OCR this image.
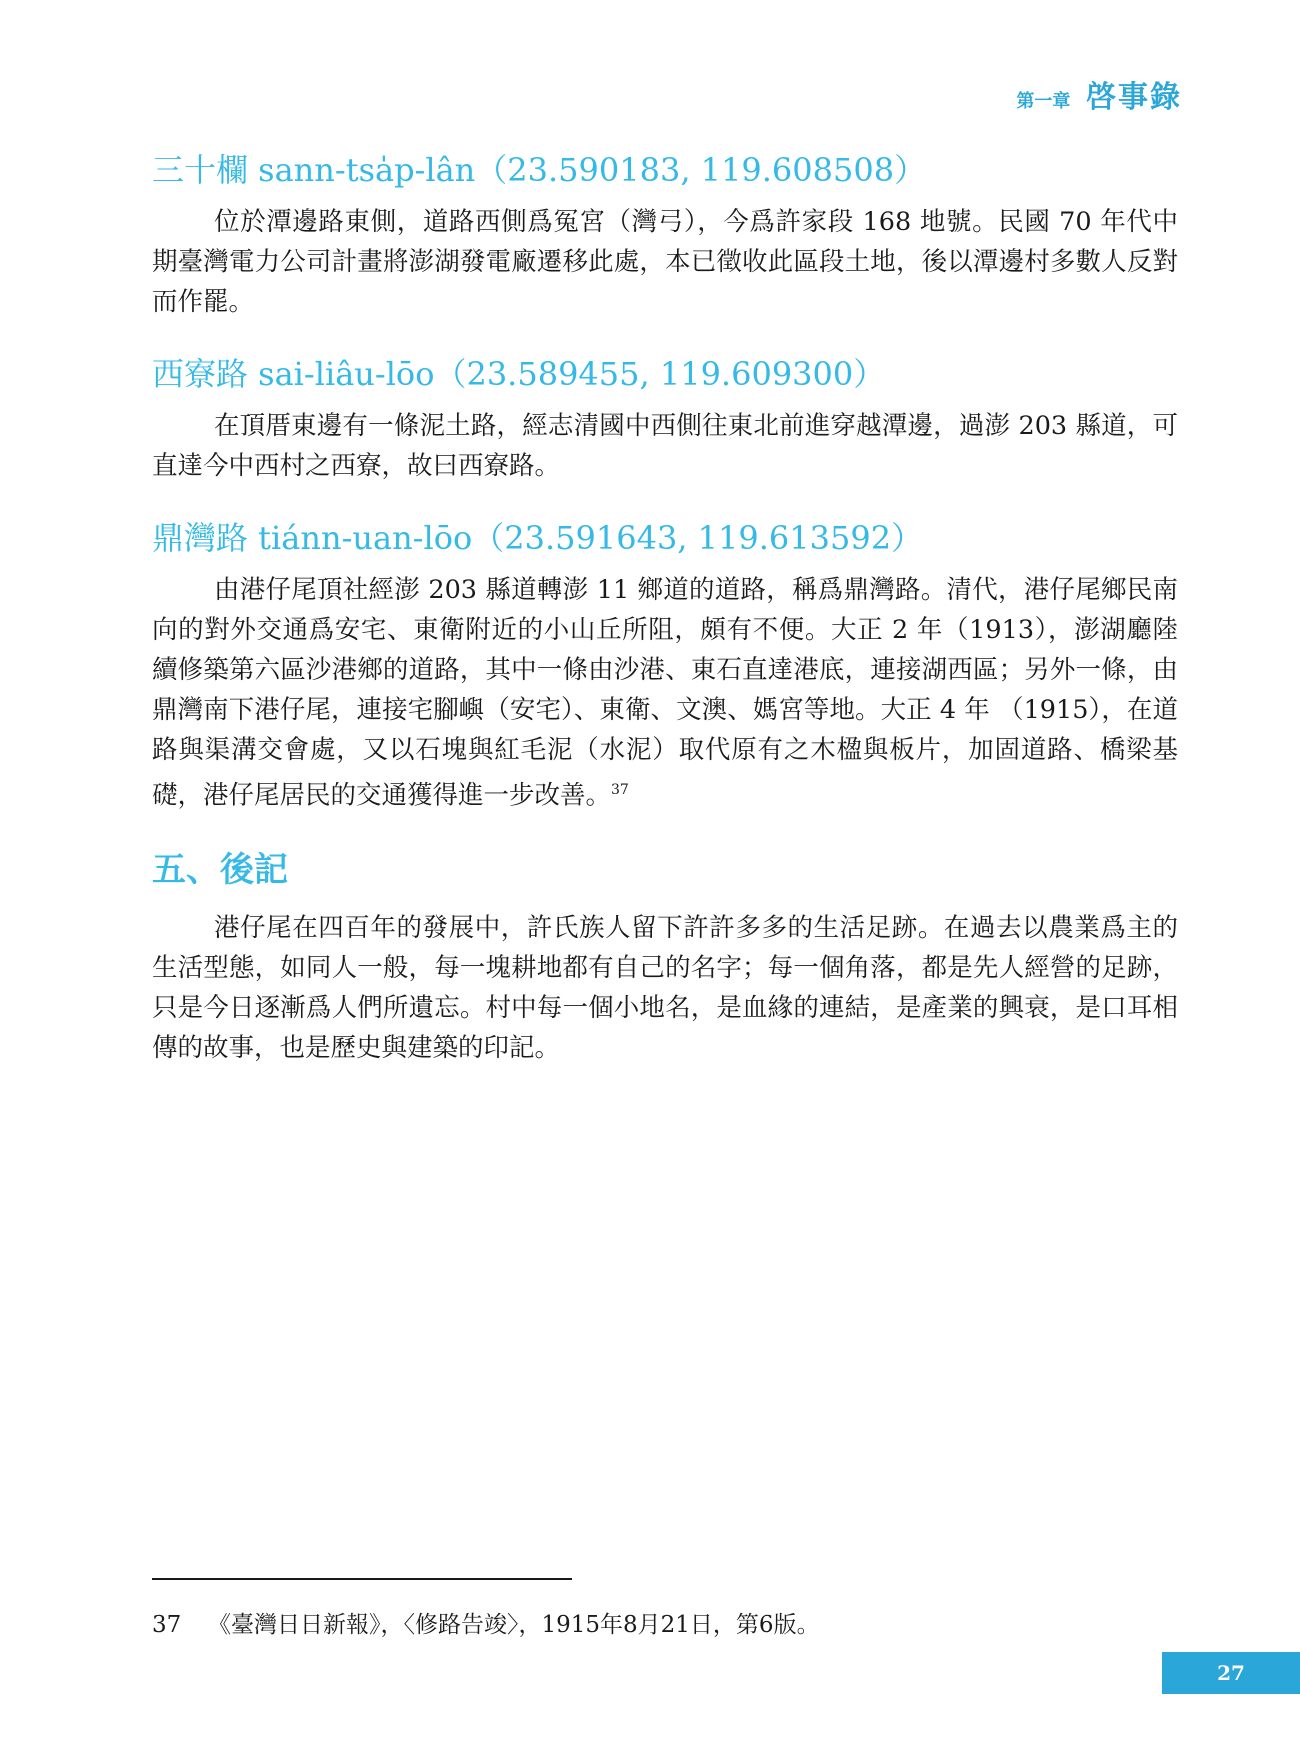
第一章 啓事錄
三十欄 sann-tsa̍p-lân（23.590183, 119.608508）

位於潭邊路東側，道路西側爲冤宮（灣弓），今爲許家段 168 地號。民國 70 年代中期臺灣電力公司計畫將澎湖發電廠遷移此處，本已徵收此區段土地，後以潭邊村多數人反對而作罷。

西寮路 sai-liâu-lōo（23.589455, 119.609300）

在頂厝東邊有一條泥土路，經志清國中西側往東北前進穿越潭邊，過澎 203 縣道，可直達今中西村之西寮，故曰西寮路。

鼎灣路 tiánn-uan-lōo（23.591643, 119.613592）

由港仔尾頂社經澎 203 縣道轉澎 11 鄉道的道路，稱爲鼎灣路。清代，港仔尾鄉民南向的對外交通爲安宅、東衛附近的小山丘所阻，頗有不便。大正 2 年（1913），澎湖廳陸續修築第六區沙港鄉的道路，其中一條由沙港、東石直達港底，連接湖西區；另外一條，由鼎灣南下港仔尾，連接宅腳嶼（安宅）、東衛、文澳、媽宮等地。大正 4 年 （1915），在道路與渠溝交會處，又以石塊與紅毛泥（水泥）取代原有之木楹與板片，加固道路、橋梁基礎，港仔尾居民的交通獲得進一步改善。$^{37}$

五、後記

港仔尾在四百年的發展中，許氏族人留下許許多多的生活足跡。在過去以農業爲主的生活型態，如同人一般，每一塊耕地都有自己的名字；每一個角落，都是先人經營的足跡，只是今日逐漸爲人們所遺忘。村中每一個小地名，是血緣的連結，是產業的興衰，是口耳相傳的故事，也是歷史與建築的印記。

37 《臺灣日日新報》，〈修路告竣〉，1915年8月21日，第6版。
27
